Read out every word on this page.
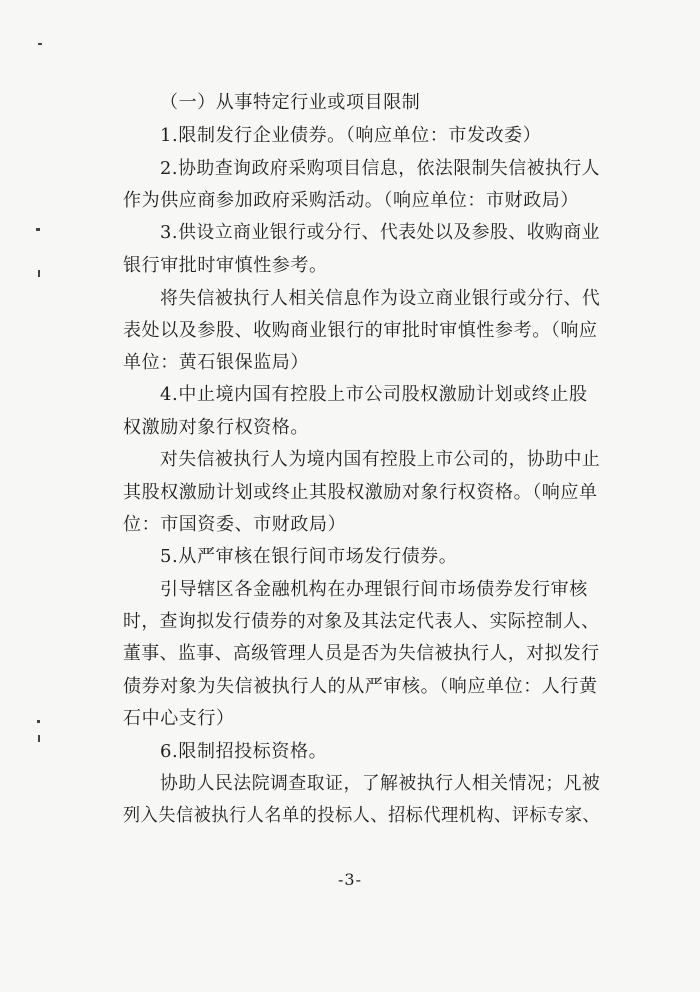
（一）从事特定行业或项目限制
1.限制发行企业债券。（响应单位：市发改委）
2.协助查询政府采购项目信息，依法限制失信被执行人
作为供应商参加政府采购活动。（响应单位：市财政局）
3.供设立商业银行或分行、代表处以及参股、收购商业
银行审批时审慎性参考。
将失信被执行人相关信息作为设立商业银行或分行、代
表处以及参股、收购商业银行的审批时审慎性参考。（响应
单位：黄石银保监局）
4.中止境内国有控股上市公司股权激励计划或终止股
权激励对象行权资格。
对失信被执行人为境内国有控股上市公司的，协助中止
其股权激励计划或终止其股权激励对象行权资格。（响应单
位：市国资委、市财政局）
5.从严审核在银行间市场发行债券。
引导辖区各金融机构在办理银行间市场债券发行审核
时，查询拟发行债券的对象及其法定代表人、实际控制人、
董事、监事、高级管理人员是否为失信被执行人，对拟发行
债券对象为失信被执行人的从严审核。（响应单位：人行黄
石中心支行）
6.限制招投标资格。
协助人民法院调查取证，了解被执行人相关情况；凡被
列入失信被执行人名单的投标人、招标代理机构、评标专家、
-3-
